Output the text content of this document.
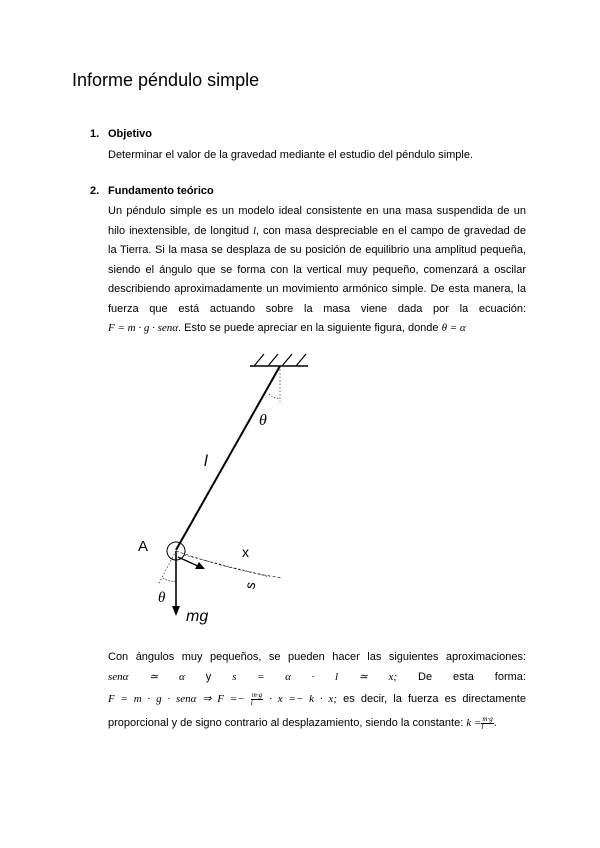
Informe péndulo simple
1. Objetivo
Determinar el valor de la gravedad mediante el estudio del péndulo simple.
2. Fundamento teórico
Un péndulo simple es un modelo ideal consistente en una masa suspendida de un
hilo inextensible, de longitud l, con masa despreciable en el campo de gravedad de
la Tierra. Si la masa se desplaza de su posición de equilibrio una amplitud pequeña,
siendo el ángulo que se forma con la vertical muy pequeño, comenzará a oscilar
describiendo aproximadamente un movimiento armónico simple. De esta manera, la
fuerza que está actuando sobre la masa viene dada por la ecuación:
F = m · g · senα. Esto se puede apreciar en la siguiente figura, donde θ = α
θ
l
A	x
s
θ
mg
Con ángulos muy pequeños, se pueden hacer las siguientes aproximaciones:
senα ≃ α y s = α · l ≃ x; De esta forma:
F = m · g · senα ⇒ $F =- \frac{m\cdot g}{l} \cdot x =- k \cdot x$; es decir, la fuerza es directamente
proporcional y de signo contrario al desplazamiento, siendo la constante: $k = \frac{m\cdot g}{l}$ .
